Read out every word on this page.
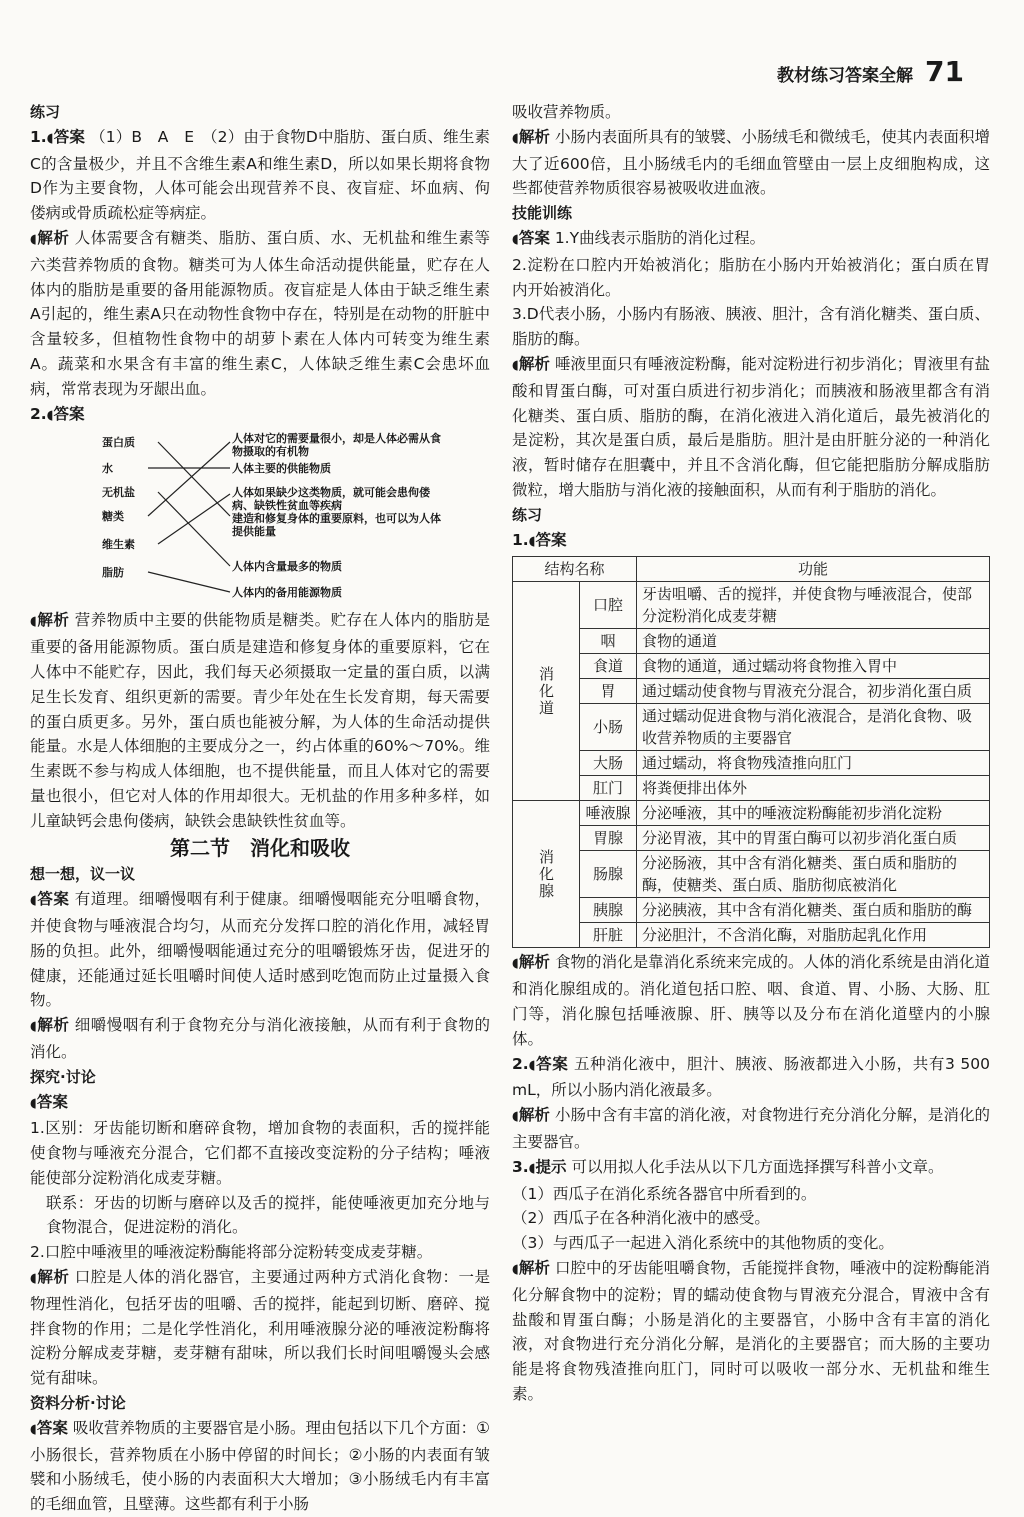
教材练习答案全解 71

练习

1. ◖ 答案 （1）B　A　E　（2）由于食物D中脂肪、蛋白质、维生素C的含量极少，并且不含维生素A和维生素D，所以如果长期将食物D作为主要食物，人体可能会出现营养不良、夜盲症、坏血病、佝偻病或骨质疏松症等病症。

◖ 解析 人体需要含有糖类、脂肪、蛋白质、水、无机盐和维生素等六类营养物质的食物。糖类可为人体生命活动提供能量，贮存在人体内的脂肪是重要的备用能源物质。夜盲症是人体由于缺乏维生素A引起的，维生素A只在动物性食物中存在，特别是在动物的肝脏中含量较多，但植物性食物中的胡萝卜素在人体内可转变为维生素A。蔬菜和水果含有丰富的维生素C，人体缺乏维生素C会患坏血病，常常表现为牙龈出血。

2. ◖ 答案

蛋白质
水
无机盐
糖类
维生素
脂肪
人体对它的需要量很小，却是人体必需从食物摄取的有机物
人体主要的供能物质
人体如果缺少这类物质，就可能会患佝偻病、缺铁性贫血等疾病
建造和修复身体的重要原料，也可以为人体提供能量
人体内含量最多的物质
人体内的备用能源物质

◖ 解析 营养物质中主要的供能物质是糖类。贮存在人体内的脂肪是重要的备用能源物质。蛋白质是建造和修复身体的重要原料，它在人体中不能贮存，因此，我们每天必须摄取一定量的蛋白质，以满足生长发育、组织更新的需要。青少年处在生长发育期，每天需要的蛋白质更多。另外，蛋白质也能被分解，为人体的生命活动提供能量。水是人体细胞的主要成分之一，约占体重的60%～70%。维生素既不参与构成人体细胞，也不提供能量，而且人体对它的需要量也很小，但它对人体的作用却很大。无机盐的作用多种多样，如儿童缺钙会患佝偻病，缺铁会患缺铁性贫血等。

第二节　消化和吸收

想一想，议一议

◖ 答案 有道理。细嚼慢咽有利于健康。细嚼慢咽能充分咀嚼食物，并使食物与唾液混合均匀，从而充分发挥口腔的消化作用，减轻胃肠的负担。此外，细嚼慢咽能通过充分的咀嚼锻炼牙齿，促进牙的健康，还能通过延长咀嚼时间使人适时感到吃饱而防止过量摄入食物。

◖ 解析 细嚼慢咽有利于食物充分与消化液接触，从而有利于食物的消化。

探究·讨论

◖ 答案

1.区别：牙齿能切断和磨碎食物，增加食物的表面积，舌的搅拌能使食物与唾液充分混合，它们都不直接改变淀粉的分子结构；唾液能使部分淀粉消化成麦芽糖。

联系：牙齿的切断与磨碎以及舌的搅拌，能使唾液更加充分地与食物混合，促进淀粉的消化。

2.口腔中唾液里的唾液淀粉酶能将部分淀粉转变成麦芽糖。

◖ 解析 口腔是人体的消化器官，主要通过两种方式消化食物：一是物理性消化，包括牙齿的咀嚼、舌的搅拌，能起到切断、磨碎、搅拌食物的作用；二是化学性消化，利用唾液腺分泌的唾液淀粉酶将淀粉分解成麦芽糖，麦芽糖有甜味，所以我们长时间咀嚼馒头会感觉有甜味。

资料分析·讨论

◖ 答案 吸收营养物质的主要器官是小肠。理由包括以下几个方面：①小肠很长，营养物质在小肠中停留的时间长；②小肠的内表面有皱襞和小肠绒毛，使小肠的内表面积大大增加；③小肠绒毛内有丰富的毛细血管，且壁薄。这些都有利于小肠

吸收营养物质。

◖ 解析 小肠内表面所具有的皱襞、小肠绒毛和微绒毛，使其内表面积增大了近600倍，且小肠绒毛内的毛细血管壁由一层上皮细胞构成，这些都使营养物质很容易被吸收进血液。

技能训练

◖ 答案 1.Y曲线表示脂肪的消化过程。

2.淀粉在口腔内开始被消化；脂肪在小肠内开始被消化；蛋白质在胃内开始被消化。

3.D代表小肠，小肠内有肠液、胰液、胆汁，含有消化糖类、蛋白质、脂肪的酶。

◖ 解析 唾液里面只有唾液淀粉酶，能对淀粉进行初步消化；胃液里有盐酸和胃蛋白酶，可对蛋白质进行初步消化；而胰液和肠液里都含有消化糖类、蛋白质、脂肪的酶，在消化液进入消化道后，最先被消化的是淀粉，其次是蛋白质，最后是脂肪。胆汁是由肝脏分泌的一种消化液，暂时储存在胆囊中，并且不含消化酶，但它能把脂肪分解成脂肪微粒，增大脂肪与消化液的接触面积，从而有利于脂肪的消化。

练习

1. ◖ 答案

结构名称		功能
消化道	口腔	牙齿咀嚼、舌的搅拌，并使食物与唾液混合，使部分淀粉消化成麦芽糖
	咽	食物的通道
	食道	食物的通道，通过蠕动将食物推入胃中
	胃	通过蠕动使食物与胃液充分混合，初步消化蛋白质
	小肠	通过蠕动促进食物与消化液混合，是消化食物、吸收营养物质的主要器官
	大肠	通过蠕动，将食物残渣推向肛门
	肛门	将粪便排出体外
消化腺	唾液腺	分泌唾液，其中的唾液淀粉酶能初步消化淀粉
	胃腺	分泌胃液，其中的胃蛋白酶可以初步消化蛋白质
	肠腺	分泌肠液，其中含有消化糖类、蛋白质和脂肪的酶，使糖类、蛋白质、脂肪彻底被消化
	胰腺	分泌胰液，其中含有消化糖类、蛋白质和脂肪的酶
	肝脏	分泌胆汁，不含消化酶，对脂肪起乳化作用

◖ 解析 食物的消化是靠消化系统来完成的。人体的消化系统是由消化道和消化腺组成的。消化道包括口腔、咽、食道、胃、小肠、大肠、肛门等，消化腺包括唾液腺、肝、胰等以及分布在消化道壁内的小腺体。

2. ◖ 答案 五种消化液中，胆汁、胰液、肠液都进入小肠，共有3 500 mL，所以小肠内消化液最多。

◖ 解析 小肠中含有丰富的消化液，对食物进行充分消化分解，是消化的主要器官。

3. ◖ 提示 可以用拟人化手法从以下几方面选择撰写科普小文章。

（1）西瓜子在消化系统各器官中所看到的。

（2）西瓜子在各种消化液中的感受。

（3）与西瓜子一起进入消化系统中的其他物质的变化。

◖ 解析 口腔中的牙齿能咀嚼食物，舌能搅拌食物，唾液中的淀粉酶能消化分解食物中的淀粉；胃的蠕动使食物与胃液充分混合，胃液中含有盐酸和胃蛋白酶；小肠是消化的主要器官，小肠中含有丰富的消化液，对食物进行充分消化分解，是消化的主要器官；而大肠的主要功能是将食物残渣推向肛门，同时可以吸收一部分水、无机盐和维生素。
